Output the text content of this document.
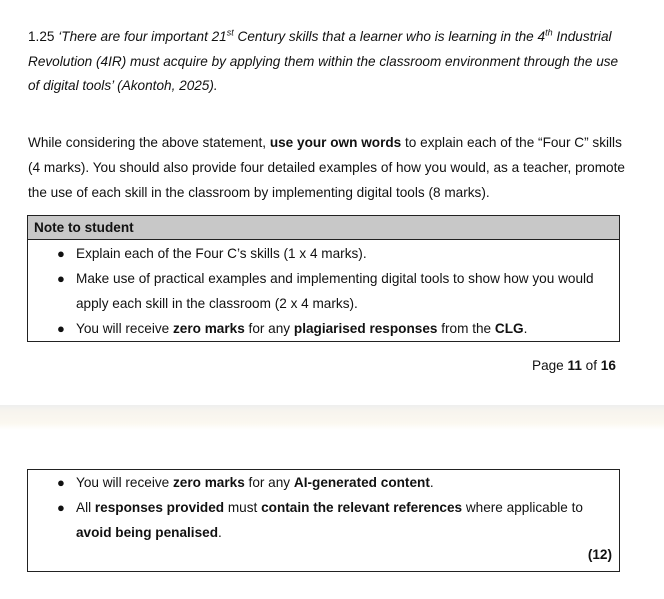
1.25 ‘There are four important 21st Century skills that a learner who is learning in the 4th Industrial Revolution (4IR) must acquire by applying them within the classroom environment through the use of digital tools’ (Akontoh, 2025).
While considering the above statement, use your own words to explain each of the “Four C” skills (4 marks). You should also provide four detailed examples of how you would, as a teacher, promote the use of each skill in the classroom by implementing digital tools (8 marks).
Note to student
● Explain each of the Four C’s skills (1 x 4 marks).
● Make use of practical examples and implementing digital tools to show how you would apply each skill in the classroom (2 x 4 marks).
● You will receive zero marks for any plagiarised responses from the CLG.
Page 11 of 16
● You will receive zero marks for any AI-generated content.
● All responses provided must contain the relevant references where applicable to avoid being penalised.
(12)
